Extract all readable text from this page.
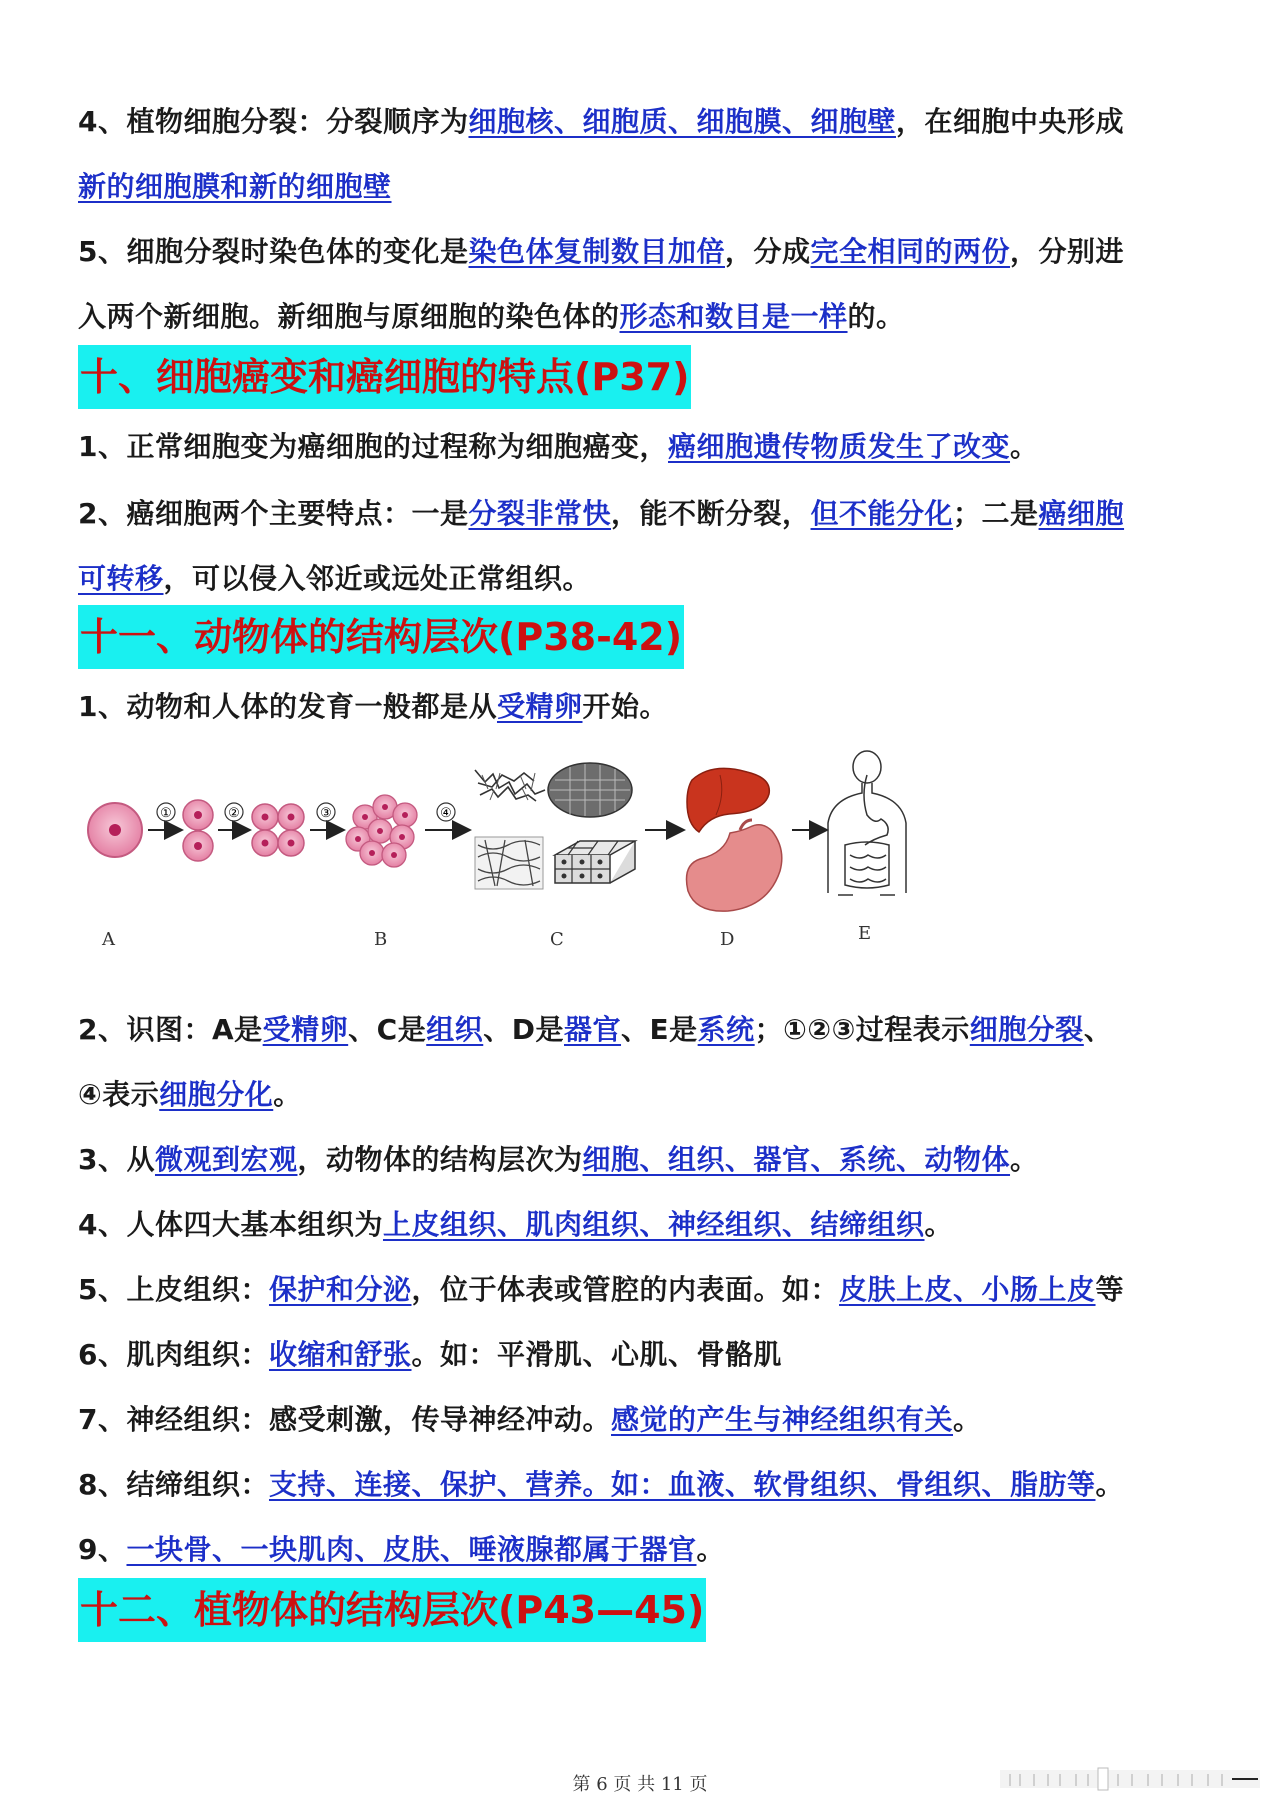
4、植物细胞分裂：分裂顺序为细胞核、细胞质、细胞膜、细胞壁，在细胞中央形成
新的细胞膜和新的细胞壁
5、细胞分裂时染色体的变化是染色体复制数目加倍，分成完全相同的两份，分别进
入两个新细胞。新细胞与原细胞的染色体的形态和数目是一样的。
十、细胞癌变和癌细胞的特点(P37)
1、正常细胞变为癌细胞的过程称为细胞癌变，癌细胞遗传物质发生了改变。
2、癌细胞两个主要特点：一是分裂非常快，能不断分裂，但不能分化；二是癌细胞
可转移，可以侵入邻近或远处正常组织。
十一、动物体的结构层次(P38-42)
1、动物和人体的发育一般都是从受精卵开始。
①	②	③	④
A	B	C	D	E
2、识图：A是受精卵、C是组织、D是器官、E是系统；①②③过程表示细胞分裂、
④表示细胞分化。
3、从微观到宏观，动物体的结构层次为细胞、组织、器官、系统、动物体。
4、人体四大基本组织为上皮组织、肌肉组织、神经组织、结缔组织。
5、上皮组织：保护和分泌，位于体表或管腔的内表面。如：皮肤上皮、小肠上皮等
6、肌肉组织：收缩和舒张。如：平滑肌、心肌、骨骼肌
7、神经组织：感受刺激，传导神经冲动。感觉的产生与神经组织有关。
8、结缔组织：支持、连接、保护、营养。如：血液、软骨组织、骨组织、脂肪等。
9、一块骨、一块肌肉、皮肤、唾液腺都属于器官。
十二、植物体的结构层次(P43—45)
第 6 页 共 11 页
